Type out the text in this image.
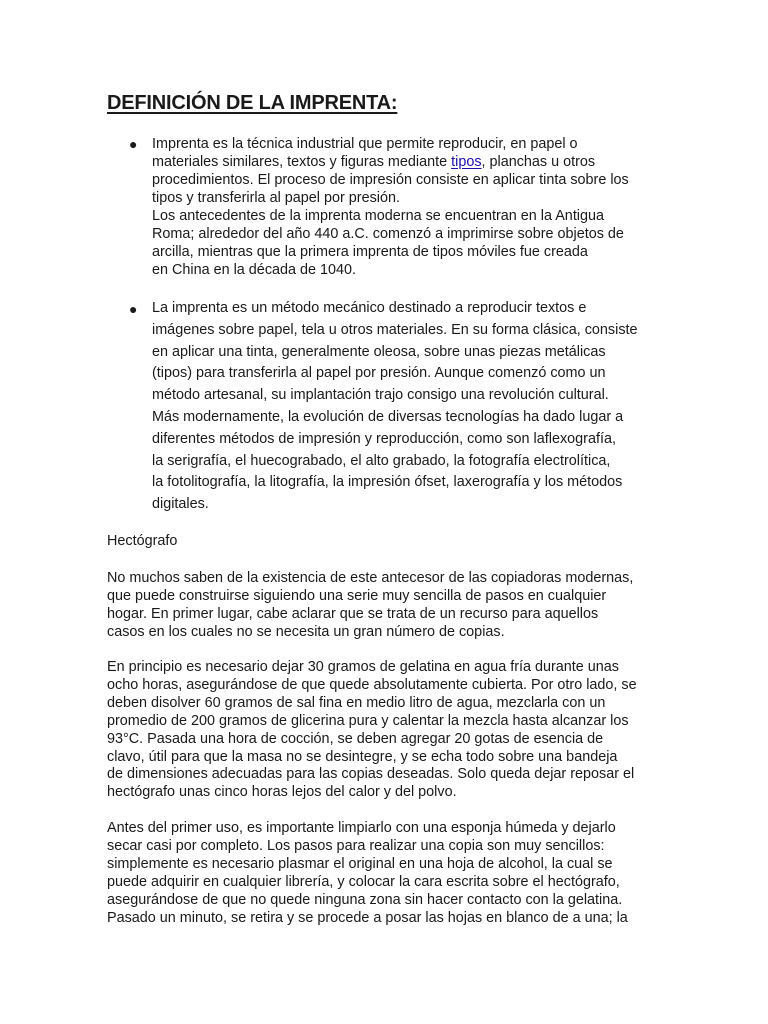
DEFINICIÓN DE LA IMPRENTA:
● Imprenta es la técnica industrial que permite reproducir, en papel o
materiales similares, textos y figuras mediante tipos, planchas u otros
procedimientos. El proceso de impresión consiste en aplicar tinta sobre los
tipos y transferirla al papel por presión.
Los antecedentes de la imprenta moderna se encuentran en la Antigua
Roma; alrededor del año 440 a.C. comenzó a imprimirse sobre objetos de
arcilla, mientras que la primera imprenta de tipos móviles fue creada
en China en la década de 1040.
● La imprenta es un método mecánico destinado a reproducir textos e
imágenes sobre papel, tela u otros materiales. En su forma clásica, consiste
en aplicar una tinta, generalmente oleosa, sobre unas piezas metálicas
(tipos) para transferirla al papel por presión. Aunque comenzó como un
método artesanal, su implantación trajo consigo una revolución cultural.
Más modernamente, la evolución de diversas tecnologías ha dado lugar a
diferentes métodos de impresión y reproducción, como son laflexografía,
la serigrafía, el huecograbado, el alto grabado, la fotografía electrolítica,
la fotolitografía, la litografía, la impresión ófset, laxerografía y los métodos
digitales.

Hectógrafo

No muchos saben de la existencia de este antecesor de las copiadoras modernas,
que puede construirse siguiendo una serie muy sencilla de pasos en cualquier
hogar. En primer lugar, cabe aclarar que se trata de un recurso para aquellos
casos en los cuales no se necesita un gran número de copias.

En principio es necesario dejar 30 gramos de gelatina en agua fría durante unas
ocho horas, asegurándose de que quede absolutamente cubierta. Por otro lado, se
deben disolver 60 gramos de sal fina en medio litro de agua, mezclarla con un
promedio de 200 gramos de glicerina pura y calentar la mezcla hasta alcanzar los
93°C. Pasada una hora de cocción, se deben agregar 20 gotas de esencia de
clavo, útil para que la masa no se desintegre, y se echa todo sobre una bandeja
de dimensiones adecuadas para las copias deseadas. Solo queda dejar reposar el
hectógrafo unas cinco horas lejos del calor y del polvo.

Antes del primer uso, es importante limpiarlo con una esponja húmeda y dejarlo
secar casi por completo. Los pasos para realizar una copia son muy sencillos:
simplemente es necesario plasmar el original en una hoja de alcohol, la cual se
puede adquirir en cualquier librería, y colocar la cara escrita sobre el hectógrafo,
asegurándose de que no quede ninguna zona sin hacer contacto con la gelatina.
Pasado un minuto, se retira y se procede a posar las hojas en blanco de a una; la
